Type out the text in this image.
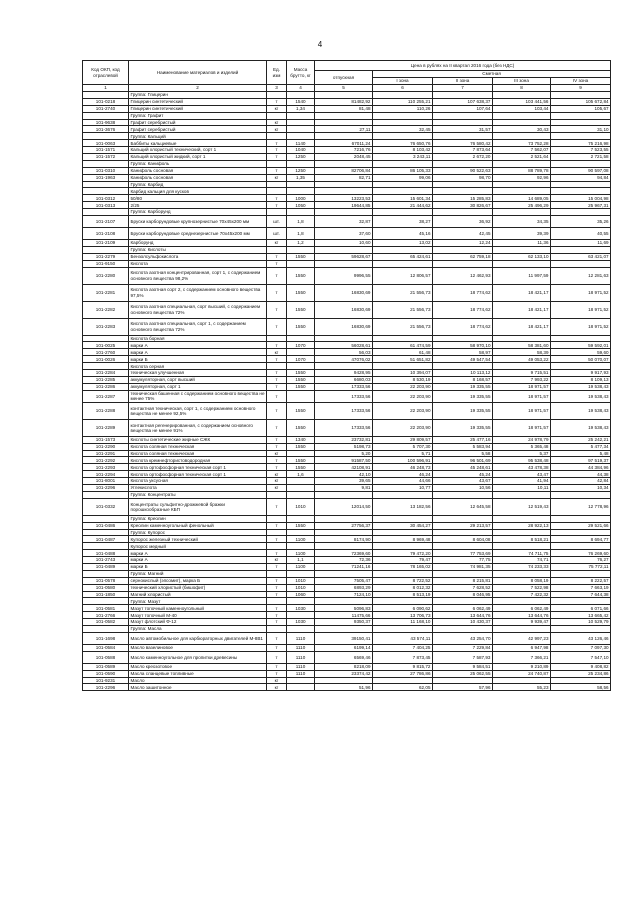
4
Код ОКП, код отраслевой	Наименование материалов и изделий	Ед. изм	Масса брутто, кг	Цена в рублях на II квартал 2016 года (без НДС)				
				отпускная	Сметная			
					I зона	II зона	III зона	IV зона
1	2	3	4	5	6	7	8	9
	Группа: Глицерин							
101-0218	Глицерин синтетический	т	1540	81482,92	110 255,21	107 638,37	103 441,56	105 672,84
101-2740	Глицерин синтетический	кг	1,34	81,48	110,26	107,64	103,44	105,67
	Группа: Графит							
101-9638	Графит серебристый	кг						
101-3676	Графит серебристый	кг		27,11	32,45	31,57	30,43	31,10
	Группа: Кальций							
101-0063	Баббиты кальциевые	т	1140	67011,24	76 650,76	76 580,42	73 752,28	75 216,98
101-1571	Кальций хлористый технический, сорт 1	т	1040	7216,76	8 103,42	7 873,64	7 562,07	7 523,55
101-1572	Кальций хлористый жидкий, сорт 1	т	1250	2048,45	3 243,11	2 672,20	2 521,64	2 721,58
	Группа: Канифоль							
101-0310	Канифоль сосновая	т	1250	82706,84	86 105,33	90 522,63	88 789,78	90 597,08
101-1963	Канифоль сосновая	кг	1,35	82,71	99,06	98,70	92,96	94,84
	Группа: Карбид							
	Карбид кальция для кусков							
101-0312	50/80	т	1000	13223,53	15 601,34	15 285,83	14 689,05	15 004,98
101-0313	2/25	т	1050	19644,85	21 444,62	30 826,67	25 496,29	25 967,31
	Группа: Карборунд							
101-2107	Бруски карборундовые крупнозернистые 70х45х200 мм	шт.	1,8	32,87	38,27	36,92	34,35	35,26
101-2108	Бруски карборундовые среднезернистые 70х45х200 мм	шт.	1,8	37,60	45,16	42,45	39,39	40,55
101-2109	Карборунд	кг	1,2	10,60	13,02	12,24	11,36	11,69
	Группа: Кислоты							
101-2279	Бензолсульфокислота	т	1550	59628,67	65 424,61	62 759,18	62 133,10	63 421,07
101-9150	Кислота	т						
101-2280	Кислота азотная концентрированная, сорт 1, с содержанием основного вещества 98,2%	т	1550	9996,55	12 806,57	12 462,93	11 997,59	12 281,63
101-2281	Кислота азотная сорт 2, с содержанием основного вещества 97,5%	т	1550	16830,69	21 556,73	18 774,62	18 421,17	18 971,52
101-2282	Кислота азотная специальная, сорт высший, с содержанием основного вещества 72%	т	1550	16830,69	21 556,73	18 774,62	18 421,17	18 971,52
101-2283	Кислота азотная специальная, сорт 1, с содержанием основного вещества 72%	т	1550	16830,69	21 556,73	18 774,62	18 421,17	18 971,52
	Кислота борная							
101-0025	марки А	т	1070	56028,61	61 474,59	58 970,10	58 381,60	59 592,01
101-2760	марки А	кг		56,03	61,48	58,97	58,39	59,60
101-0026	марки Б	т	1070	47076,02	51 651,82	49 547,54	49 053,22	50 070,07
	Кислота серная							
101-2284	техническая улучшенная	т	1550	9428,95	10 394,07	10 113,12	9 715,51	9 917,93
101-2285	аккумуляторная, сорт высший	т	1550	6680,03	8 530,19	8 168,57	7 993,22	8 109,13
101-2286	аккумуляторная, сорт 1	т	1550	17333,56	22 203,90	19 335,55	18 971,57	19 538,43
101-2287	техническая башенная с содержанием основного вещества не менее 75%	т		17333,56	22 203,90	19 335,55	18 971,57	19 538,43
101-2288	контактная техническая, сорт 1, с содержанием основного вещества не менее 92,5%	т	1550	17333,56	22 203,90	19 335,55	18 971,57	19 538,43
101-2289	контактная регенерированная, с содержанием основного вещества не менее 91%	т	1550	17333,56	22 203,90	19 335,55	18 971,57	19 538,43
101-1573	Кислоты синтетические жирные СЖК	т	1340	23732,81	29 809,57	25 477,16	24 978,79	25 242,21
101-2290	Кислота соляная техническая	т	1550	5198,73	5 707,30	5 583,94	5 365,48	5 477,34
101-2291	Кислота соляная техническая	кг		5,20	5,71	5,58	5,37	5,48
101-2292	Кислота кремнефтористоводородная	т	1550	91587,50	100 596,91	96 501,69	95 538,48	97 519,37
101-2293	Кислота ортофосфорная техническая сорт 1	т	1550	42108,91	46 248,73	45 248,61	43 478,38	44 384,96
101-2294	Кислота ортофосфорная техническая сорт 1	кг	1,6	42,10	46,24	45,24	43,47	44,38
101-8001	Кислота уксусная	кг		39,65	44,66	43,67	41,94	42,84
101-2296	Углекислота	кг		9,81	10,77	10,56	10,11	10,34
	Группа: Концентраты							
101-0332	Концентраты сульфитно-дрожжевой бражки порошкообразные КБП	т	1010	12014,50	13 182,56	12 645,58	12 519,43	12 778,96
	Группа: Креолин							
101-0486	Креолин каменноугольный фенольный	т	1550	27756,37	30 454,27	29 213,57	28 922,13	29 521,66
	Группа: Купорос							
101-0487	Купорос железный технический	т	1100	8174,90	8 969,48	8 604,08	8 518,21	8 694,77
	Купорос медный							
101-0488	марки А	т	1100	72369,60	79 472,20	77 753,69	74 711,75	76 269,60
101-2743	марки А	кг	1,1	72,36	79,47	77,75	74,71	76,27
101-0489	марки Б	т	1100	71241,16	78 165,02	74 981,35	74 233,33	75 772,11
	Группа: Магний							
101-0578	сернокислый (эпсомит), марка Б	т	1010	7505,47	8 722,52	8 215,81	8 058,19	8 222,57
101-0580	технический хлористый (бишофит)	т	1010	6893,29	8 012,32	7 628,52	7 522,98	7 663,19
101-1850	Магний хлористый	т	1060	7124,10	8 513,19	8 046,95	7 422,32	7 644,38
	Группа: Мазут							
101-0581	Мазут топочный каменноугольный	т	1030	5096,83	6 090,62	6 062,49	6 062,49	6 071,66
101-2766	Мазут топочный М-40	т		11475,66	13 706,73	13 644,76	13 644,76	13 665,42
101-0582	Мазут флотский Ф-12	т	1030	9350,37	11 168,10	10 430,37	9 939,47	10 529,79
	Группа: Масла							
101-1698	Масло автомобильное для карбюраторных двигателей М-8В1	т	1110	39150,41	43 574,11	43 254,70	42 997,23	43 126,46
101-0584	Масло вазелиновое	т	1110	6199,14	7 404,25	7 229,84	6 947,98	7 097,30
101-0588	Масло каменноугольное для пропитки древесины	т	1110	6569,46	7 873,45	7 587,93	7 366,21	7 547,10
101-0589	Масло креозотовое	т	1110	8218,09	9 815,72	9 584,51	9 210,89	9 408,82
101-0590	Масла сланцевые топливные	т	1110	23374,42	27 786,86	25 062,55	24 740,87	25 234,86
101-9231	Масло	кг						
101-2296	Масло зашитонное	кг		51,96	62,05	57,96	55,23	58,56
